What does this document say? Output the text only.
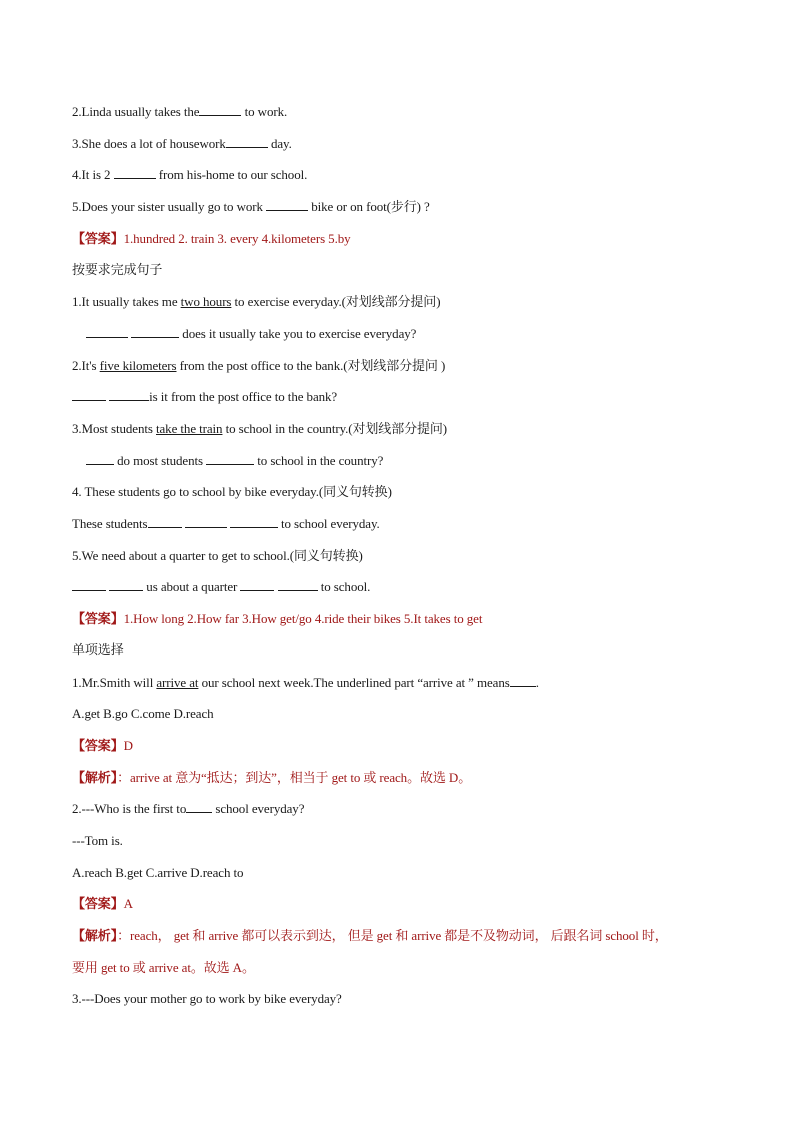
2.Linda usually takes the	to work.
3.She does a lot of housework	day.
4.It is 2	from his-home to our school.
5.Does your sister usually go to work	bike or on foot(步行) ?
【答案】1.hundred 2. train 3. every 4.kilometers 5.by
按要求完成句子
1.It usually takes me two hours to exercise everyday.(对划线部分提问)
does it usually take you to exercise everyday?
2.It's five kilometers from the post office to the bank.(对划线部分提问 )
is it from the post office to the bank?
3.Most students take the train to school in the country.(对划线部分提问)
do most students	to school in the country?
4. These students go to school by bike everyday.(同义句转换)
These students	to school everyday.
5.We need about a quarter to get to school.(同义句转换)
us about a quarter	to school.
【答案】1.How long 2.How far 3.How get/go 4.ride their bikes 5.It takes to get
单项选择
1.Mr.Smith will arrive at our school next week.The underlined part “arrive at ” means .
A.get B.go C.come D.reach
【答案】D
【解析】：arrive at 意为“抵达；到达”，相当于 get to 或 reach。故选 D。
2.---Who is the first to school everyday?
---Tom is.
A.reach B.get C.arrive D.reach to
【答案】A
【解析】：reach， get 和 arrive 都可以表示到达， 但是 get 和 arrive 都是不及物动词， 后跟名词 school 时，
要用 get to 或 arrive at。故选 A。
3.---Does your mother go to work by bike everyday?
